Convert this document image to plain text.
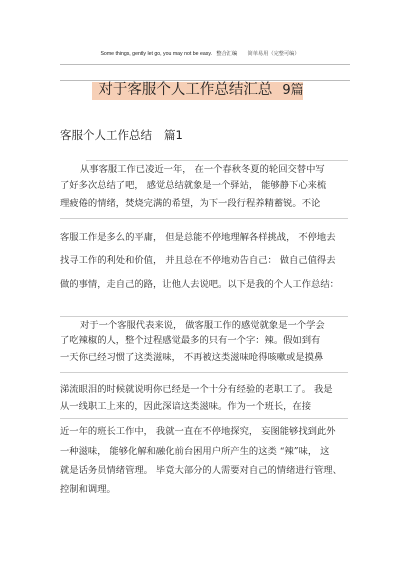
Some things, gently let go, you may not be easy. 整合汇编 简单易用（完整可编）
对于客服个人工作总结汇总 9篇
客服个人工作总结 篇1
从事客服工作已凌近一年， 在一个春秋冬夏的轮回交替中写
了好多次总结了吧， 感觉总结就象是一个驿站， 能够静下心来梳
理疲倦的情绪，焚烧完满的希望，为下一段行程养精蓄锐。不论
客服工作是多么的平庸， 但是总能不停地理解各样挑战， 不停地去
找寻工作的利处和价值， 并且总在不停地劝告自己： 做自己值得去
做的事情，走自己的路，让他人去说吧。以下是我的个人工作总结：
对于一个客服代表来说， 做客服工作的感觉就象是一个学会
了吃辣椒的人，整个过程感觉最多的只有一个字：辣。假如到有
一天你已经习惯了这类滋味， 不再被这类滋味呛得咳嗽或是摸鼻
涕流眼泪的时候就说明你已经是一个十分有经验的老职工了。 我是
从一线职工上来的，因此深谙这类滋味。作为一个班长，在接
近一年的班长工作中， 我就一直在不停地探究， 妄图能够找到此外
一种滋味， 能够化解和融化前台困用户所产生的这类 “辣”味， 这
就是话务员情绪管理。 毕竟大部分的人需要对自己的情绪进行管理、
控制和调理。
